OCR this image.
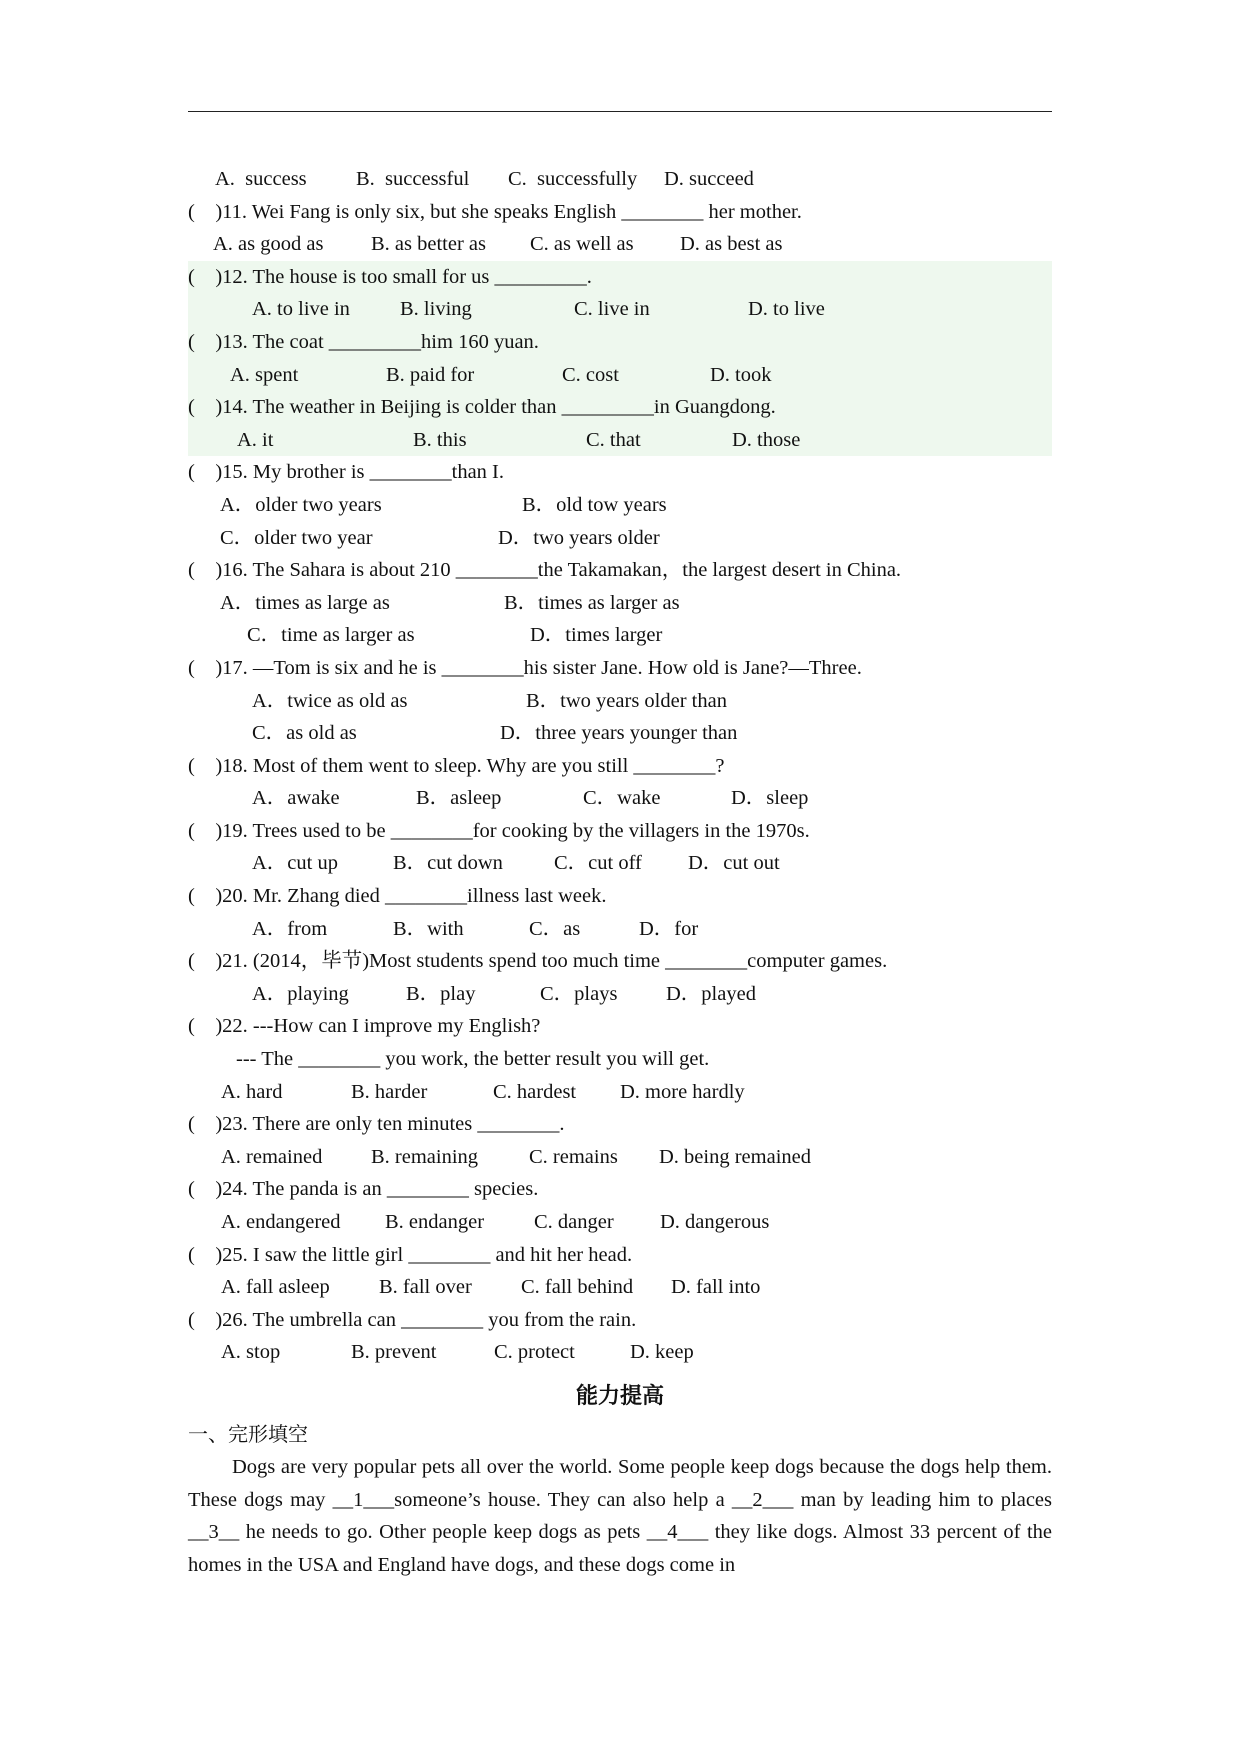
A.  success

B.  successful

C.  successfully

D. succeed

(    )11. Wei Fang is only six, but she speaks English ________ her mother.

A. as good as

B. as better as

C. as well as

D. as best as

(    )12. The house is too small for us _________.

A. to live in

B. living

	C. live in

	D. to live

(    )13. The coat _________him 160 yuan.

A. spent

	B. paid for

	C. cost

	D. took

(    )14. The weather in Beijing is colder than _________in Guangdong.

A. it

	B. this

	C. that

	D. those

(    )15. My brother is ________than I.

A．older two years

	B．old tow years

C．older two year

	D．two years older

(    )16. The Sahara is about 210 ________the Takamakan，the largest desert in China.

A．times as large as

	B．times as larger as

C．time as larger as

	D．times larger

(    )17. —Tom is six and he is ________his sister Jane. How old is Jane?—Three.

A．twice as old as

	B．two years older than

C．as old as

	D．three years younger than

(    )18. Most of them went to sleep. Why are you still ________?

A．awake

	B．asleep

	C．wake

	D．sleep

(    )19. Trees used to be ________for cooking by the villagers in the 1970s.

A．cut up

	B．cut down

C．cut off

D．cut out

(    )20. Mr. Zhang died ________illness last week.

A．from

	B．with

	C．as

	D．for

(    )21. (2014，毕节)Most students spend too much time ________computer games.

A．playing

	B．play

	C．plays

D．played

(    )22. ---How can I improve my English?
--- The ________ you work, the better result you will get.

A. hard

	B. harder

	C. hardest

D. more hardly

(    )23. There are only ten minutes ________.

A. remained

B. remaining

C. remains

D. being remained

(    )24. The panda is an ________ species.

A. endangered

B. endanger

C. danger

D. dangerous

(    )25. I saw the little girl ________ and hit her head.

A. fall asleep

B. fall over

C. fall behind

D. fall into

(    )26. The umbrella can ________ you from the rain.

A. stop

	B. prevent

	C. protect

	D. keep

能力提高
一、完形填空
Dogs are very popular pets all over the world. Some people keep dogs because the dogs help them. These dogs may __1___someone’s house. They can also help a __2___ man by leading him to places __3__ he needs to go. Other people keep dogs as pets __4___ they like dogs. Almost 33 percent of the homes in the USA and England have dogs, and these dogs come in
